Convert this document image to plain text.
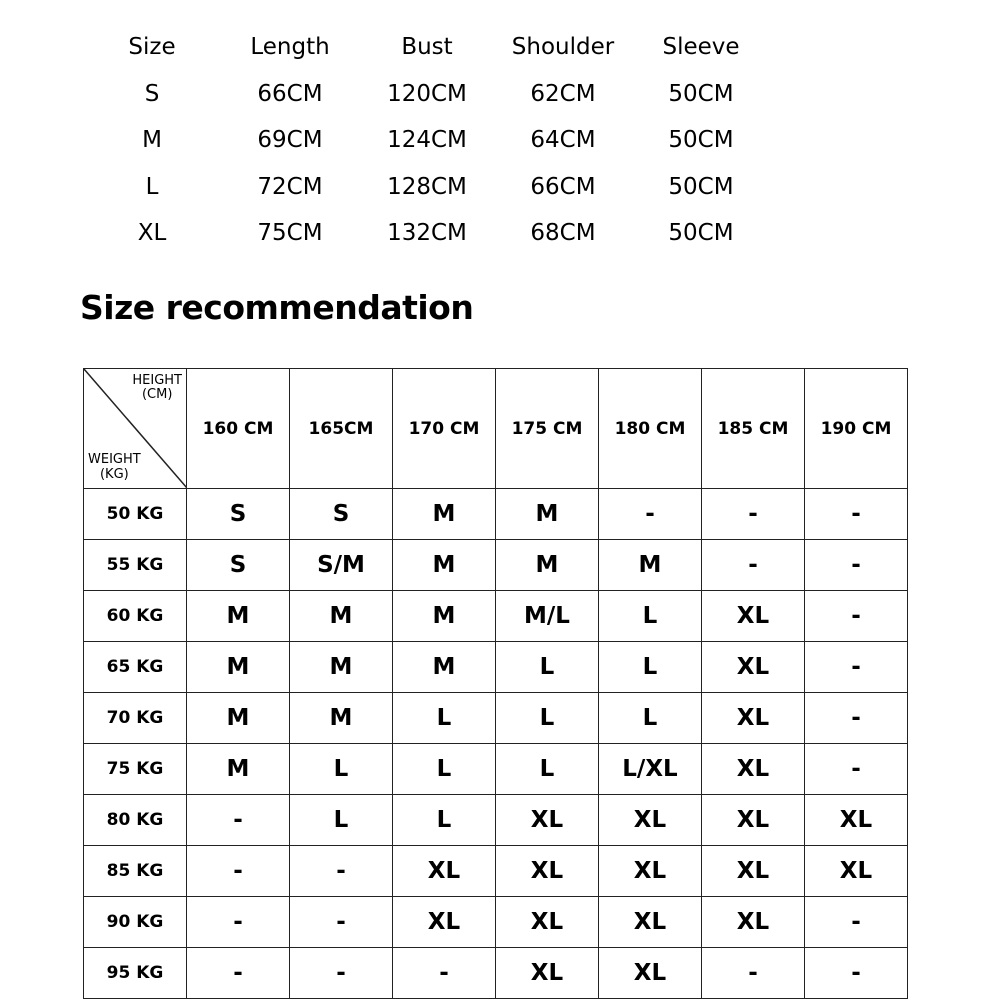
Size	Length	Bust	Shoulder	Sleeve
S	66CM	120CM	62CM	50CM
M	69CM	124CM	64CM	50CM
L	72CM	128CM	66CM	50CM
XL	75CM	132CM	68CM	50CM
Size recommendation
HEIGHT
(CM)
WEIGHT
(KG)	160 CM	165CM	170 CM	175 CM	180 CM	185 CM	190 CM
50 KG	S	S	M	M	-	-	-
55 KG	S	S/M	M	M	M	-	-
60 KG	M	M	M	M/L	L	XL	-
65 KG	M	M	M	L	L	XL	-
70 KG	M	M	L	L	L	XL	-
75 KG	M	L	L	L	L/XL	XL	-
80 KG	-	L	L	XL	XL	XL	XL
85 KG	-	-	XL	XL	XL	XL	XL
90 KG	-	-	XL	XL	XL	XL	-
95 KG	-	-	-	XL	XL	-	-
